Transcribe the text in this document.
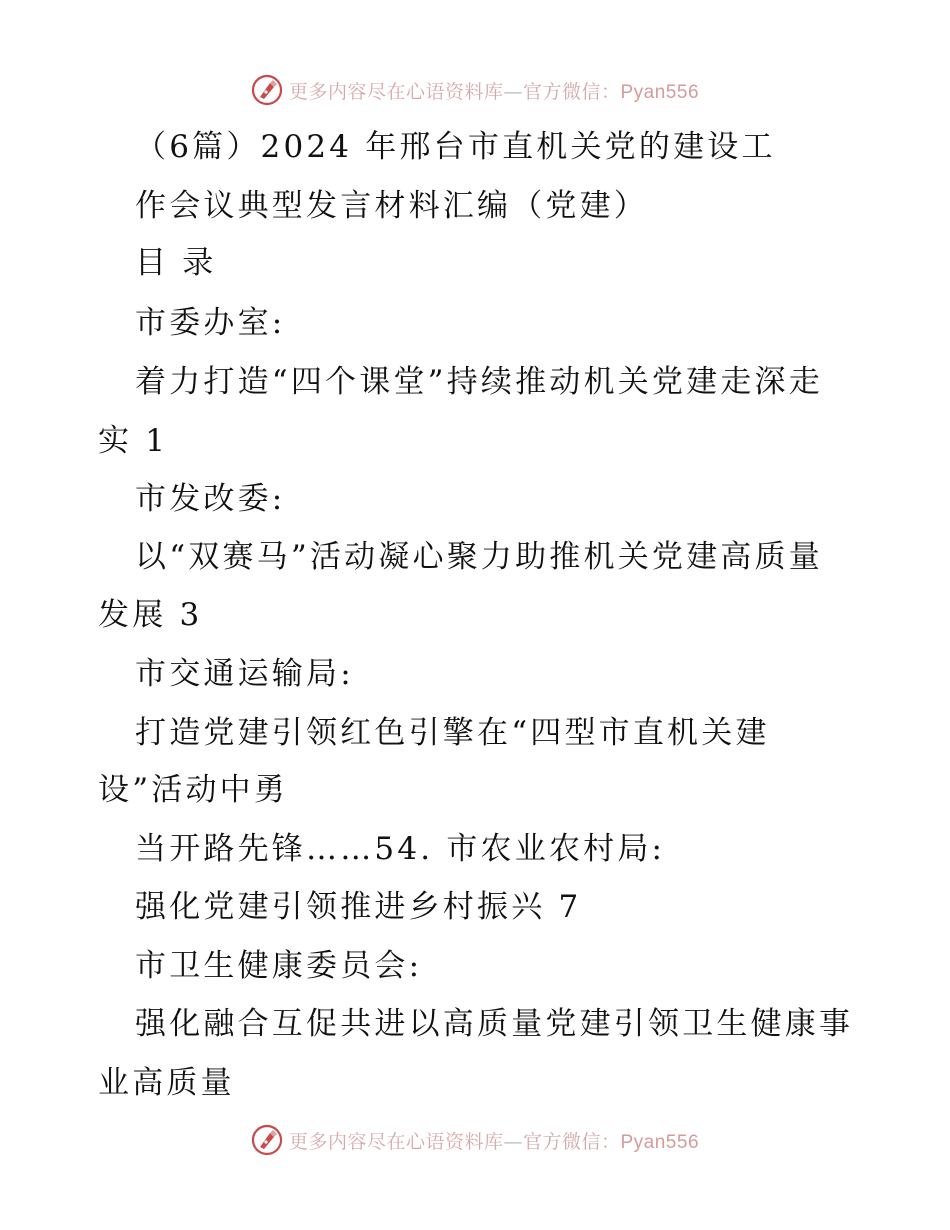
更多内容尽在心语资料库—官方微信：Pyan556
（6篇）2024 年邢台市直机关党的建设工
作会议典型发言材料汇编（党建）
目 录
市委办室:
着力打造“四个课堂”持续推动机关党建走深走
实 1
市发改委:
以“双赛马”活动凝心聚力助推机关党建高质量
发展 3
市交通运输局:
打造党建引领红色引擎在“四型市直机关建
设”活动中勇
当开路先锋……54. 市农业农村局:
强化党建引领推进乡村振兴 7
市卫生健康委员会:
强化融合互促共进以高质量党建引领卫生健康事
业高质量
更多内容尽在心语资料库—官方微信：Pyan556
